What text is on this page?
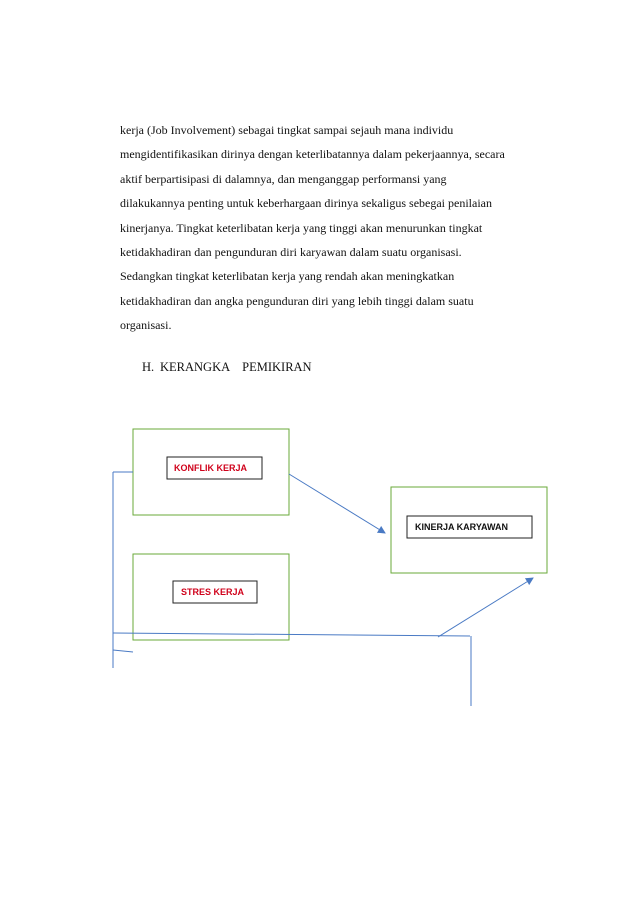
kerja (Job Involvement) sebagai tingkat sampai sejauh mana individu
mengidentifikasikan dirinya dengan keterlibatannya dalam pekerjaannya, secara
aktif berpartisipasi di dalamnya, dan menganggap performansi yang
dilakukannya penting untuk keberhargaan dirinya sekaligus sebegai penilaian
kinerjanya. Tingkat keterlibatan kerja yang tinggi akan menurunkan tingkat
ketidakhadiran dan pengunduran diri karyawan dalam suatu organisasi.
Sedangkan tingkat keterlibatan kerja yang rendah akan meningkatkan
ketidakhadiran dan angka pengunduran diri yang lebih tinggi dalam suatu
organisasi.
H. KERANGKA PEMIKIRAN
KONFLIK KERJA
STRES KERJA
KINERJA KARYAWAN
